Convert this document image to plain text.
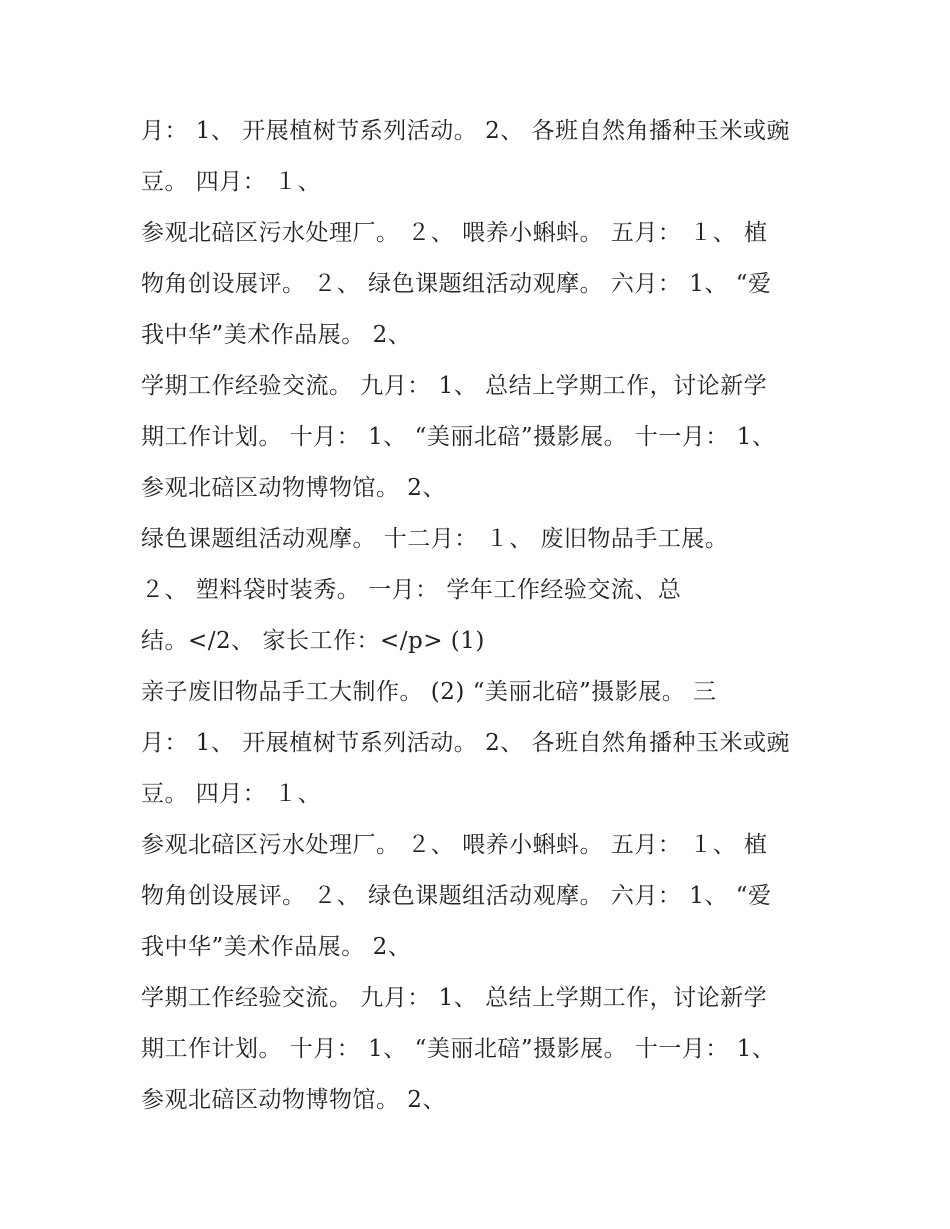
月： 1、 开展植树节系列活动。 2、 各班自然角播种玉米或豌
豆。 四月： １、
参观北碚区污水处理厂。 ２、 喂养小蝌蚪。 五月： １、 植
物角创设展评。 ２、 绿色课题组活动观摩。 六月： 1、 “爱
我中华”美术作品展。 2、
学期工作经验交流。 九月： 1、 总结上学期工作，讨论新学
期工作计划。 十月： 1、 “美丽北碚”摄影展。 十一月： 1、
参观北碚区动物博物馆。 2、
绿色课题组活动观摩。 十二月： １、 废旧物品手工展。
２、 塑料袋时装秀。 一月： 学年工作经验交流、总
结。</2、 家长工作：</p> (1)
亲子废旧物品手工大制作。 (2) “美丽北碚”摄影展。 三
月： 1、 开展植树节系列活动。 2、 各班自然角播种玉米或豌
豆。 四月： １、
参观北碚区污水处理厂。 ２、 喂养小蝌蚪。 五月： １、 植
物角创设展评。 ２、 绿色课题组活动观摩。 六月： 1、 “爱
我中华”美术作品展。 2、
学期工作经验交流。 九月： 1、 总结上学期工作，讨论新学
期工作计划。 十月： 1、 “美丽北碚”摄影展。 十一月： 1、
参观北碚区动物博物馆。 2、
